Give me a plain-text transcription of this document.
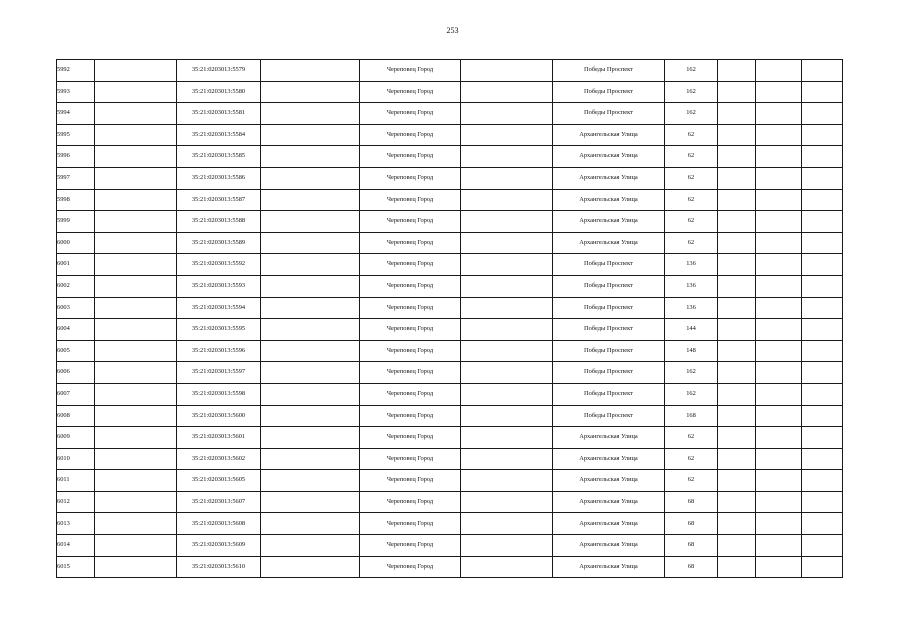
253
5992		35:21:0203013:5579		Череповец Город		Победы Проспект	162			
5993		35:21:0203013:5580		Череповец Город		Победы Проспект	162			
5994		35:21:0203013:5581		Череповец Город		Победы Проспект	162			
5995		35:21:0203013:5584		Череповец Город		Архангельская Улица	62			
5996		35:21:0203013:5585		Череповец Город		Архангельская Улица	62			
5997		35:21:0203013:5586		Череповец Город		Архангельская Улица	62			
5998		35:21:0203013:5587		Череповец Город		Архангельская Улица	62			
5999		35:21:0203013:5588		Череповец Город		Архангельская Улица	62			
6000		35:21:0203013:5589		Череповец Город		Архангельская Улица	62			
6001		35:21:0203013:5592		Череповец Город		Победы Проспект	136			
6002		35:21:0203013:5593		Череповец Город		Победы Проспект	136			
6003		35:21:0203013:5594		Череповец Город		Победы Проспект	136			
6004		35:21:0203013:5595		Череповец Город		Победы Проспект	144			
6005		35:21:0203013:5596		Череповец Город		Победы Проспект	148			
6006		35:21:0203013:5597		Череповец Город		Победы Проспект	162			
6007		35:21:0203013:5598		Череповец Город		Победы Проспект	162			
6008		35:21:0203013:5600		Череповец Город		Победы Проспект	168			
6009		35:21:0203013:5601		Череповец Город		Архангельская Улица	62			
6010		35:21:0203013:5602		Череповец Город		Архангельская Улица	62			
6011		35:21:0203013:5605		Череповец Город		Архангельская Улица	62			
6012		35:21:0203013:5607		Череповец Город		Архангельская Улица	68			
6013		35:21:0203013:5608		Череповец Город		Архангельская Улица	68			
6014		35:21:0203013:5609		Череповец Город		Архангельская Улица	68			
6015		35:21:0203013:5610		Череповец Город		Архангельская Улица	68			
